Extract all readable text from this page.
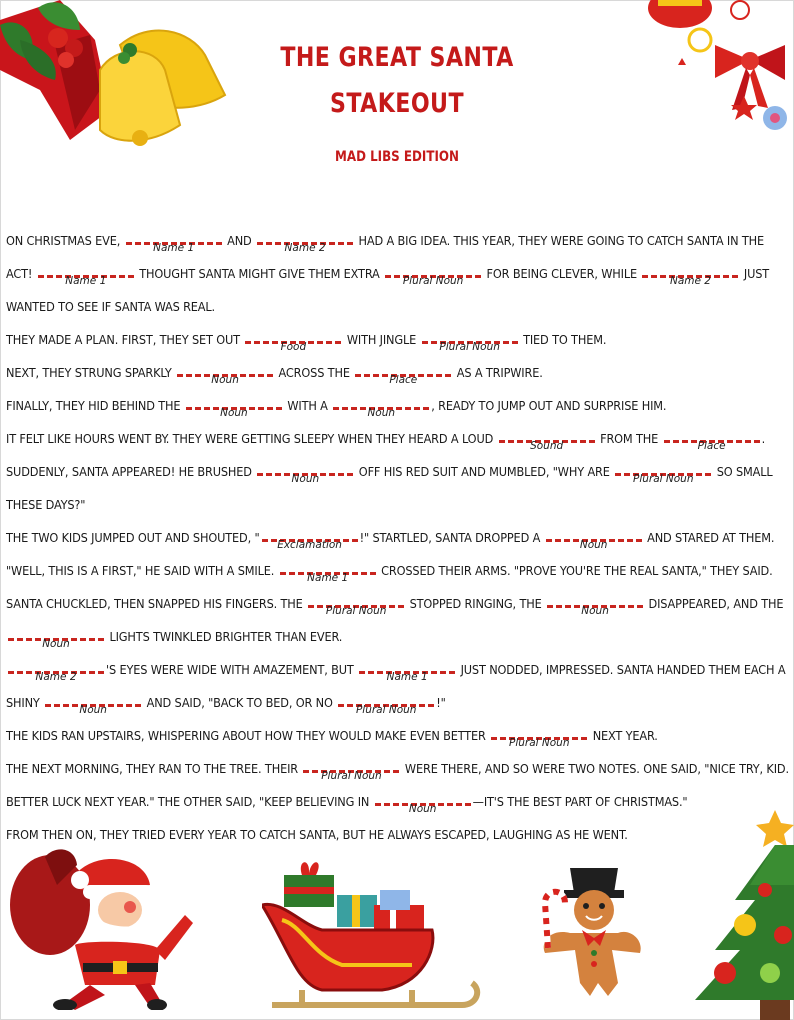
THE GREAT SANTA
STAKEOUT
MAD LIBS EDITION

ON CHRISTMAS EVE,	Name 1	AND	Name 2	HAD A BIG IDEA. THIS YEAR, THEY WERE GOING TO CATCH SANTA IN THE ACT!	Name 1	THOUGHT SANTA MIGHT GIVE THEM EXTRA	Plural Noun	FOR BEING CLEVER, WHILE	Name 2	JUST WANTED TO SEE IF SANTA WAS REAL.

THEY MADE A PLAN. FIRST, THEY SET OUT	Food	WITH JINGLE	Plural Noun	TIED TO THEM.

NEXT, THEY STRUNG SPARKLY	Noun	ACROSS THE	Place	AS A TRIPWIRE.

FINALLY, THEY HID BEHIND THE	Noun	WITH A	Noun	, READY TO JUMP OUT AND SURPRISE HIM.

IT FELT LIKE HOURS WENT BY. THEY WERE GETTING SLEEPY WHEN THEY HEARD A LOUD	Sound	FROM THE	Place	.

SUDDENLY, SANTA APPEARED! HE BRUSHED	Noun	OFF HIS RED SUIT AND MUMBLED, "WHY ARE	Plural Noun	SO SMALL THESE DAYS?"

THE TWO KIDS JUMPED OUT AND SHOUTED, "	Exclamation	!" STARTLED, SANTA DROPPED A	Noun	AND STARED AT THEM.

"WELL, THIS IS A FIRST," HE SAID WITH A SMILE.	Name 1	CROSSED THEIR ARMS. "PROVE YOU'RE THE REAL SANTA," THEY SAID.

SANTA CHUCKLED, THEN SNAPPED HIS FINGERS. THE	Plural Noun	STOPPED RINGING, THE	Noun	DISAPPEARED, AND THE
Noun	LIGHTS TWINKLED BRIGHTER THAN EVER.

Name 2	'S EYES WERE WIDE WITH AMAZEMENT, BUT	Name 1	JUST NODDED, IMPRESSED. SANTA HANDED THEM EACH A SHINY	Noun	AND SAID, "BACK TO BED, OR NO	Plural Noun	!"

THE KIDS RAN UPSTAIRS, WHISPERING ABOUT HOW THEY WOULD MAKE EVEN BETTER	Plural Noun	NEXT YEAR.

THE NEXT MORNING, THEY RAN TO THE TREE. THEIR	Plural Noun	WERE THERE, AND SO WERE TWO NOTES. ONE SAID, "NICE TRY, KID. BETTER LUCK NEXT YEAR." THE OTHER SAID, "KEEP BELIEVING IN	Noun	—IT'S THE BEST PART OF CHRISTMAS."

FROM THEN ON, THEY TRIED EVERY YEAR TO CATCH SANTA, BUT HE ALWAYS ESCAPED, LAUGHING AS HE WENT.
